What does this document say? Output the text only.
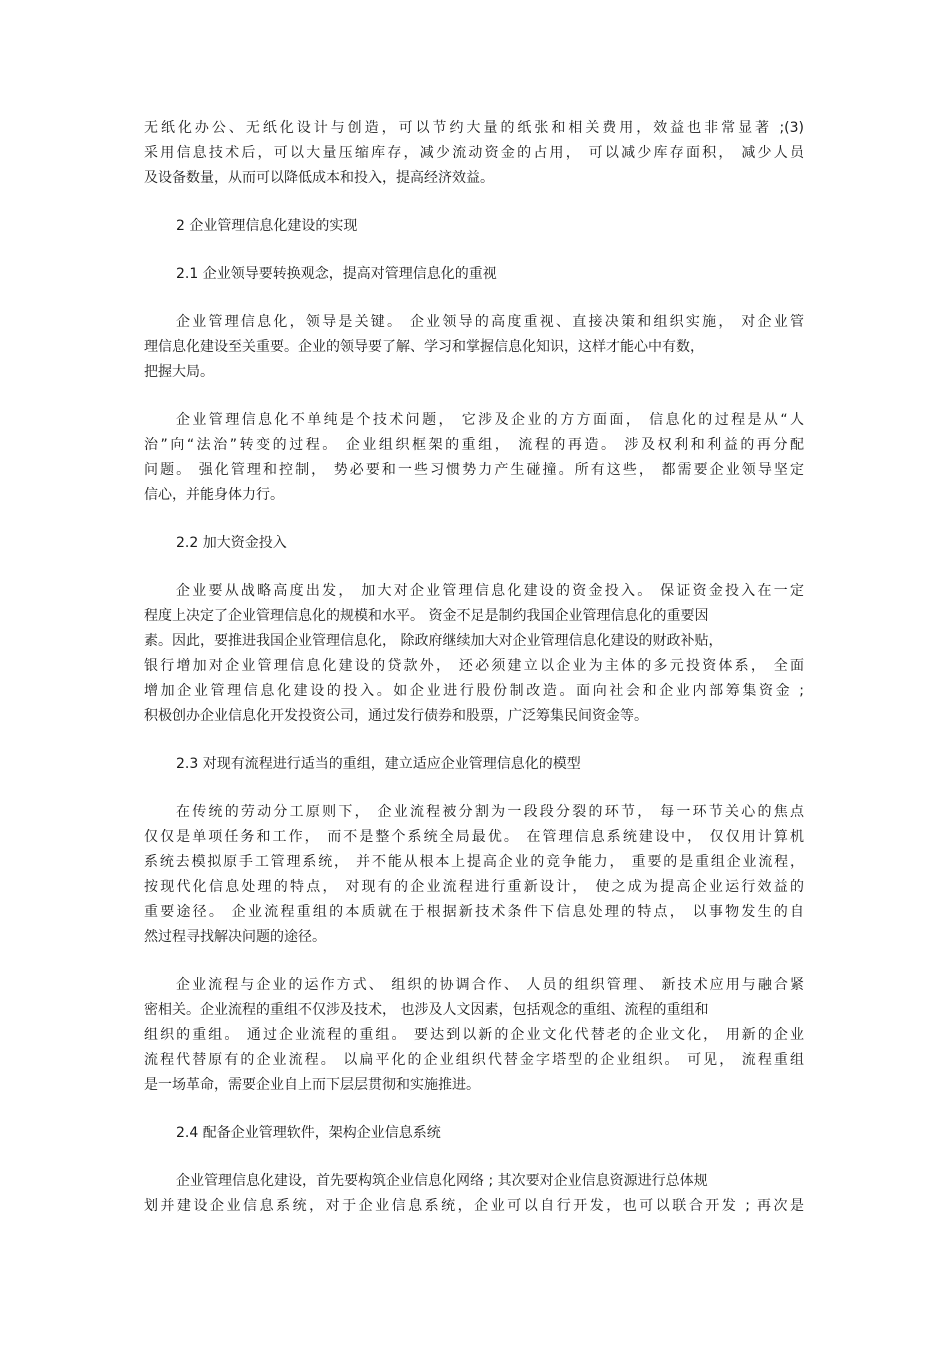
无纸化办公、无纸化设计与创造，可以节约大量的纸张和相关费用，效益也非常显著 ;(3)
采用信息技术后，可以大量压缩库存，减少流动资金的占用， 可以减少库存面积， 减少人员
及设备数量，从而可以降低成本和投入，提高经济效益。
2 企业管理信息化建设的实现
2.1 企业领导要转换观念，提高对管理信息化的重视
企业管理信息化，领导是关键。 企业领导的高度重视、直接决策和组织实施， 对企业管
理信息化建设至关重要。企业的领导要了解、学习和掌握信息化知识，这样才能心中有数，
把握大局。
企业管理信息化不单纯是个技术问题， 它涉及企业的方方面面， 信息化的过程是从“人
治”向“法治”转变的过程。 企业组织框架的重组， 流程的再造。 涉及权利和利益的再分配
问题。 强化管理和控制， 势必要和一些习惯势力产生碰撞。所有这些， 都需要企业领导坚定
信心，并能身体力行。
2.2 加大资金投入
企业要从战略高度出发， 加大对企业管理信息化建设的资金投入。 保证资金投入在一定
程度上决定了企业管理信息化的规模和水平。 资金不足是制约我国企业管理信息化的重要因
素。因此，要推进我国企业管理信息化， 除政府继续加大对企业管理信息化建设的财政补贴，
银行增加对企业管理信息化建设的贷款外， 还必须建立以企业为主体的多元投资体系， 全面
增加企业管理信息化建设的投入。如企业进行股份制改造。面向社会和企业内部筹集资金 ;
积极创办企业信息化开发投资公司，通过发行债券和股票，广泛筹集民间资金等。
2.3 对现有流程进行适当的重组，建立适应企业管理信息化的模型
在传统的劳动分工原则下， 企业流程被分割为一段段分裂的环节， 每一环节关心的焦点
仅仅是单项任务和工作， 而不是整个系统全局最优。 在管理信息系统建设中， 仅仅用计算机
系统去模拟原手工管理系统， 并不能从根本上提高企业的竞争能力， 重要的是重组企业流程，
按现代化信息处理的特点， 对现有的企业流程进行重新设计， 使之成为提高企业运行效益的
重要途径。 企业流程重组的本质就在于根据新技术条件下信息处理的特点， 以事物发生的自
然过程寻找解决问题的途径。
企业流程与企业的运作方式、 组织的协调合作、 人员的组织管理、 新技术应用与融合紧
密相关。企业流程的重组不仅涉及技术， 也涉及人文因素，包括观念的重组、流程的重组和
组织的重组。 通过企业流程的重组。 要达到以新的企业文化代替老的企业文化， 用新的企业
流程代替原有的企业流程。 以扁平化的企业组织代替金字塔型的企业组织。 可见， 流程重组
是一场革命，需要企业自上而下层层贯彻和实施推进。
2.4 配备企业管理软件，架构企业信息系统
企业管理信息化建设，首先要构筑企业信息化网络 ; 其次要对企业信息资源进行总体规
划并建设企业信息系统，对于企业信息系统，企业可以自行开发，也可以联合开发 ; 再次是
